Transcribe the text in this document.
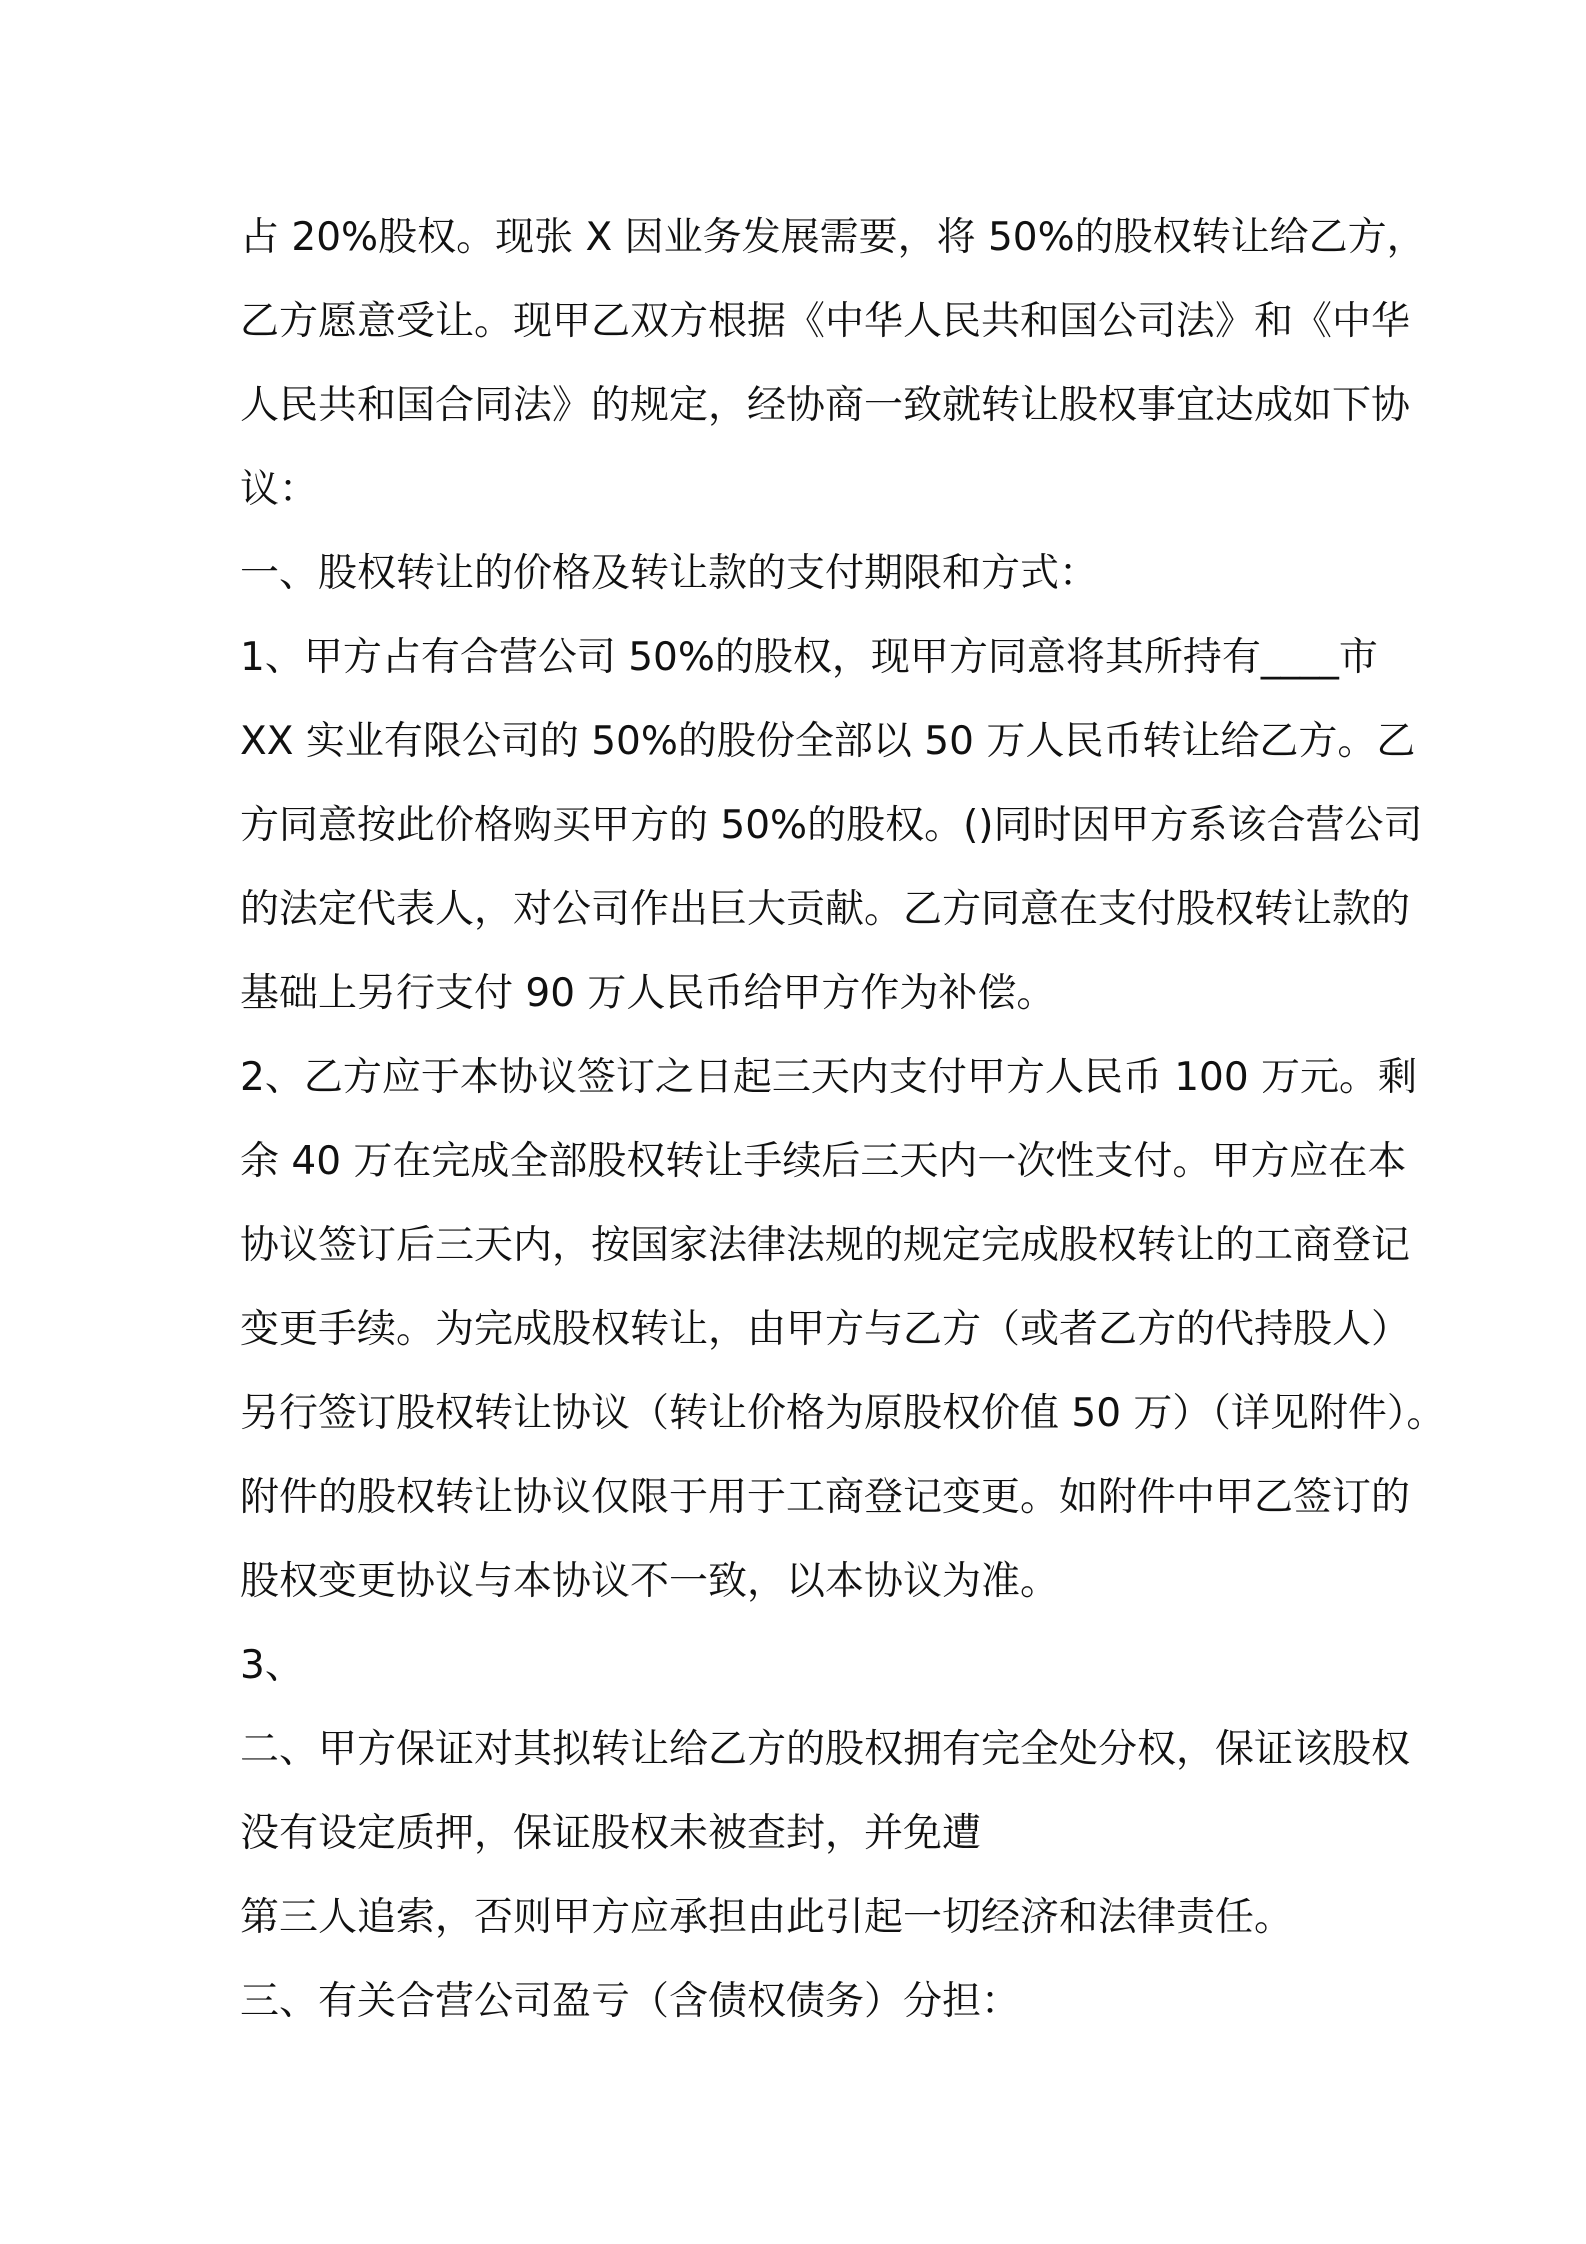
占 20%股权。现张 X 因业务发展需要，将 50%的股权转让给乙方，
乙方愿意受让。现甲乙双方根据《中华人民共和国公司法》和《中华
人民共和国合同法》的规定，经协商一致就转让股权事宜达成如下协
议：
一、股权转让的价格及转让款的支付期限和方式：
1、甲方占有合营公司 50%的股权，现甲方同意将其所持有____市
XX 实业有限公司的 50%的股份全部以 50 万人民币转让给乙方。乙
方同意按此价格购买甲方的 50%的股权。()同时因甲方系该合营公司
的法定代表人，对公司作出巨大贡献。乙方同意在支付股权转让款的
基础上另行支付 90 万人民币给甲方作为补偿。
2、乙方应于本协议签订之日起三天内支付甲方人民币 100 万元。剩
余 40 万在完成全部股权转让手续后三天内一次性支付。甲方应在本
协议签订后三天内，按国家法律法规的规定完成股权转让的工商登记
变更手续。为完成股权转让，由甲方与乙方（或者乙方的代持股人）
另行签订股权转让协议（转让价格为原股权价值 50 万）（详见附件）。
附件的股权转让协议仅限于用于工商登记变更。如附件中甲乙签订的
股权变更协议与本协议不一致，以本协议为准。
3、
二、甲方保证对其拟转让给乙方的股权拥有完全处分权，保证该股权
没有设定质押，保证股权未被查封，并免遭
第三人追索，否则甲方应承担由此引起一切经济和法律责任。
三、有关合营公司盈亏（含债权债务）分担：
